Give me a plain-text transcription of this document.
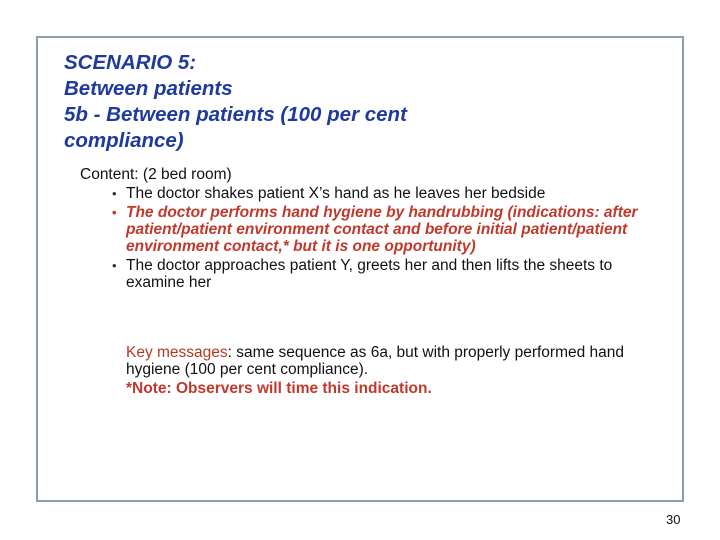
SCENARIO 5:
Between patients
5b - Between patients (100 per cent
compliance)

Content: (2 bed room)

• The doctor shakes patient X’s hand as he leaves her bedside
• The doctor performs hand hygiene by handrubbing (indications: after patient/patient environment contact and before initial patient/patient environment contact,* but it is one opportunity)
• The doctor approaches patient Y, greets her and then lifts the sheets to examine her
Key messages: same sequence as 6a, but with properly performed hand hygiene (100 per cent compliance).
*Note: Observers will time this indication.
30
